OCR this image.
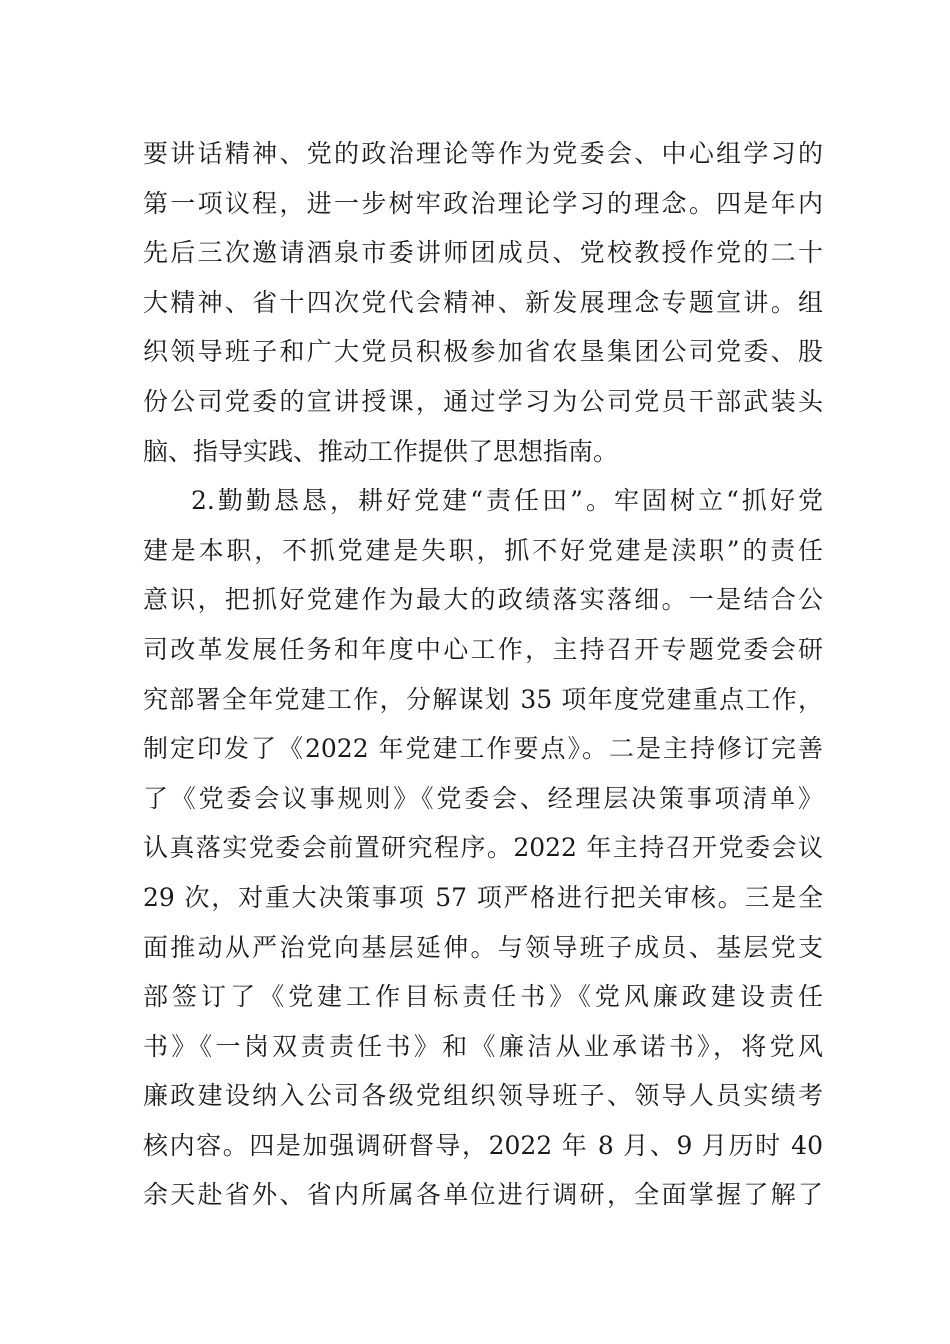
要讲话精神、党的政治理论等作为党委会、中心组学习的
第一项议程，进一步树牢政治理论学习的理念。四是年内
先后三次邀请酒泉市委讲师团成员、党校教授作党的二十
大精神、省十四次党代会精神、新发展理念专题宣讲。组
织领导班子和广大党员积极参加省农垦集团公司党委、股
份公司党委的宣讲授课，通过学习为公司党员干部武装头
脑、指导实践、推动工作提供了思想指南。
2.勤勤恳恳，耕好党建“责任田”。牢固树立“抓好党
建是本职，不抓党建是失职，抓不好党建是渎职”的责任
意识，把抓好党建作为最大的政绩落实落细。一是结合公
司改革发展任务和年度中心工作，主持召开专题党委会研
究部署全年党建工作，分解谋划 35 项年度党建重点工作，
制定印发了《2022 年党建工作要点》。二是主持修订完善
了《党委会议事规则》《党委会、经理层决策事项清单》
认真落实党委会前置研究程序。2022 年主持召开党委会议
29 次，对重大决策事项 57 项严格进行把关审核。三是全
面推动从严治党向基层延伸。与领导班子成员、基层党支
部签订了《党建工作目标责任书》《党风廉政建设责任
书》《一岗双责责任书》和《廉洁从业承诺书》，将党风
廉政建设纳入公司各级党组织领导班子、领导人员实绩考
核内容。四是加强调研督导，2022 年 8 月、9 月历时 40
余天赴省外、省内所属各单位进行调研，全面掌握了解了
